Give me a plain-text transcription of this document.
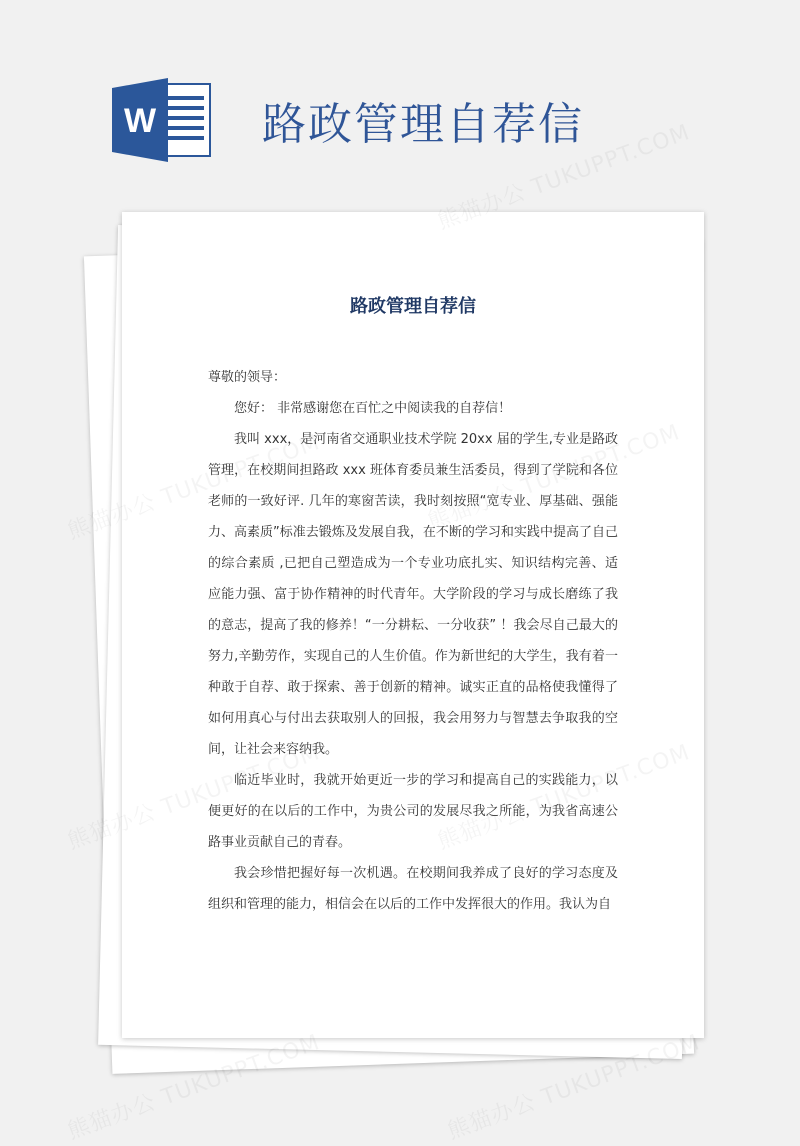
W 路政管理自荐信
路政管理自荐信

尊敬的领导：

您好： 非常感谢您在百忙之中阅读我的自荐信！

我叫 xxx，是河南省交通职业技术学院 20xx 届的学生,专业是路政管理，在校期间担路政 xxx 班体育委员兼生活委员，得到了学院和各位老师的一致好评. 几年的寒窗苦读，我时刻按照“宽专业、厚基础、强能力、高素质”标准去锻炼及发展自我，在不断的学习和实践中提高了自己的综合素质 ,已把自己塑造成为一个专业功底扎实、知识结构完善、适应能力强、富于协作精神的时代青年。大学阶段的学习与成长磨练了我的意志，提高了我的修养！“一分耕耘、一分收获” ！我会尽自己最大的努力,辛勤劳作，实现自己的人生价值。作为新世纪的大学生，我有着一种敢于自荐、敢于探索、善于创新的精神。诚实正直的品格使我懂得了如何用真心与付出去获取别人的回报，我会用努力与智慧去争取我的空间，让社会来容纳我。

临近毕业时，我就开始更近一步的学习和提高自己的实践能力，以便更好的在以后的工作中，为贵公司的发展尽我之所能，为我省高速公路事业贡献自己的青春。

我会珍惜把握好每一次机遇。在校期间我养成了良好的学习态度及组织和管理的能力，相信会在以后的工作中发挥很大的作用。我认为自
